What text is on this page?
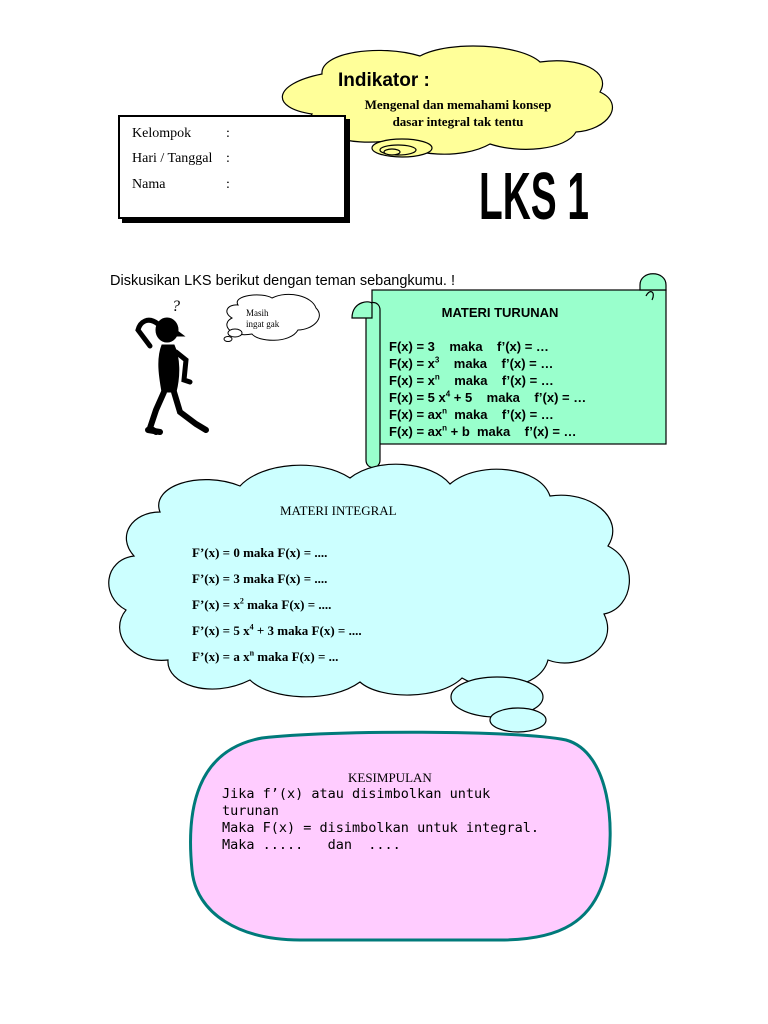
Kelompok :
Hari / Tanggal :
Nama	:
Indikator :
Mengenal dan memahami konsep
dasar integral tak tentu
LKS 1
Diskusikan LKS berikut dengan teman sebangkumu. !
?	Masih
ingat gak
MATERI TURUNAN
F(x) = 3    maka    f’(x) = …
$F(x) = x^3$    maka    f’(x) = …
$F(x) = x^n$    maka    f’(x) = …
F(x) = 5 $x^4 + 5$    maka    f’(x) = …
$F(x) = ax^n$  maka    f’(x) = …
$F(x) = ax^n + b$  maka    f’(x) = …
MATERI INTEGRAL
F’(x) = 0 maka F(x) = ....
F’(x) = 3 maka F(x) = ....
F’(x) = $x^2$ maka F(x) = ....
F’(x) = 5 $x^4 + 3$ maka F(x) = ....
F’(x) = a $x^n$ maka F(x) = ...
KESIMPULAN
Jika f’(x) atau disimbolkan untuk
turunan
Maka F(x) = disimbolkan untuk integral.
Maka .....   dan  ....
